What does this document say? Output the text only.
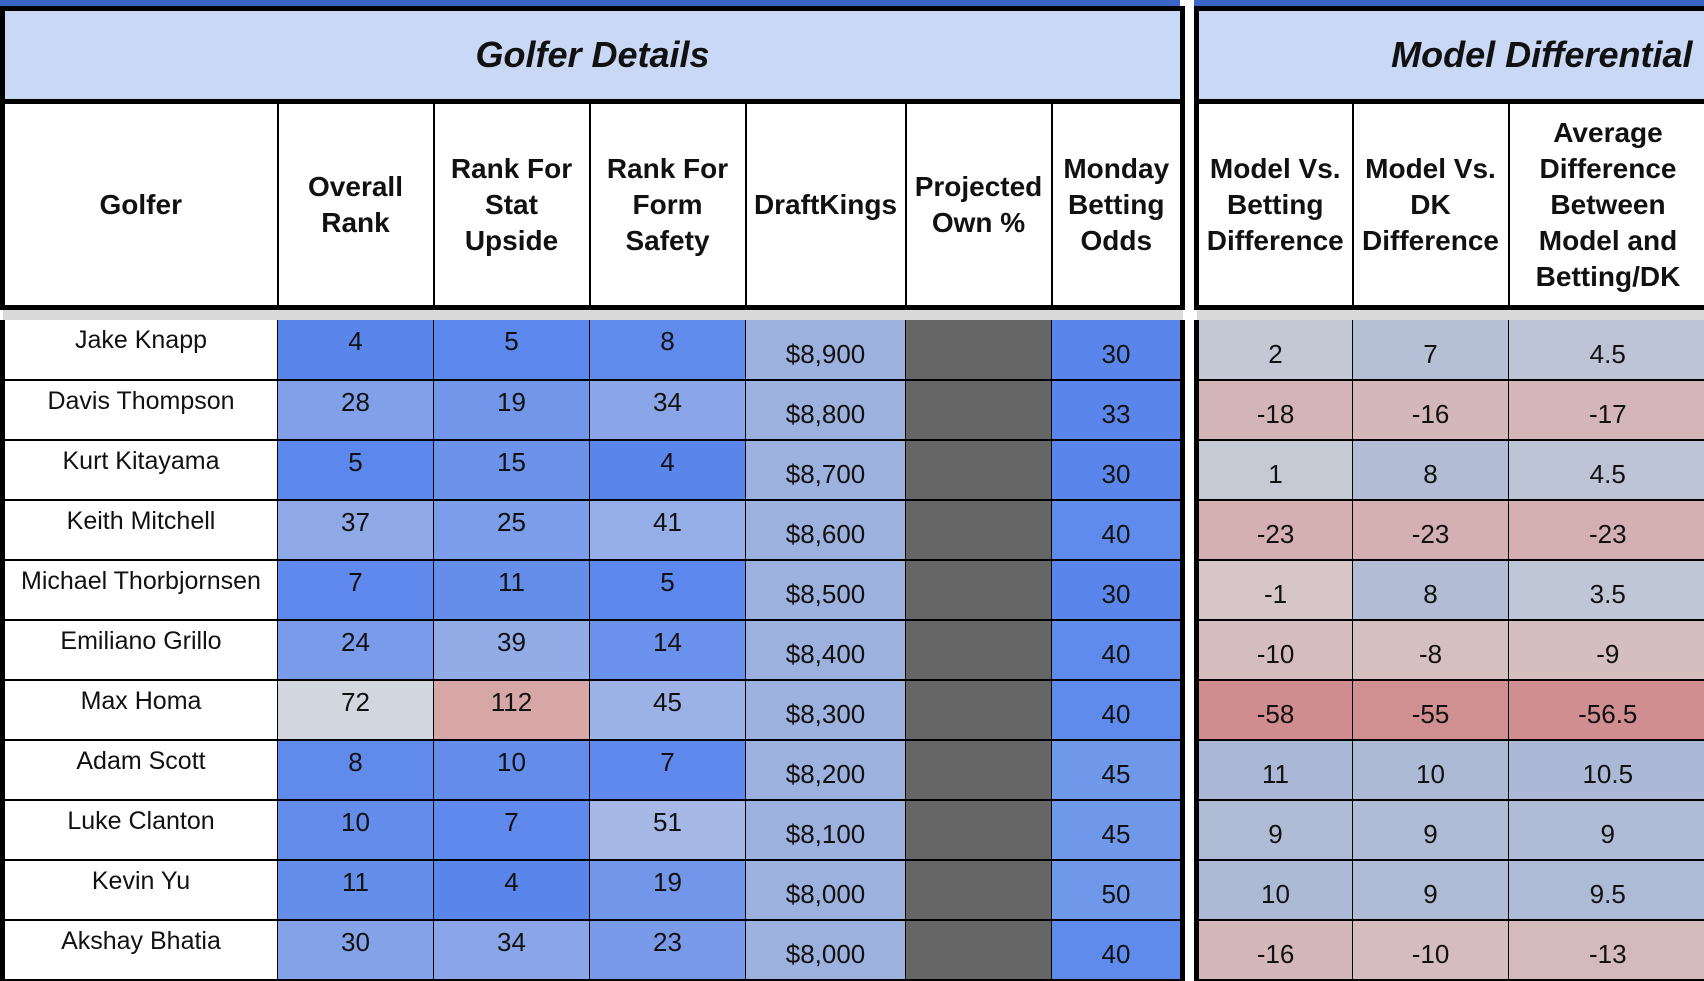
Golfer Details						
Golfer	Overall Rank	Rank For Stat Upside	Rank For Form Safety	DraftKings	Projected Own %	Monday Betting Odds

Jake Knapp	4	5	8	$8,900		30
Davis Thompson	28	19	34	$8,800		33
Kurt Kitayama	5	15	4	$8,700		30
Keith Mitchell	37	25	41	$8,600		40
Michael Thorbjornsen	7	11	5	$8,500		30
Emiliano Grillo	24	39	14	$8,400		40
Max Homa	72	112	45	$8,300		40
Adam Scott	8	10	7	$8,200		45
Luke Clanton	10	7	51	$8,100		45
Kevin Yu	11	4	19	$8,000		50
Akshay Bhatia	30	34	23	$8,000		40
Model Differential		
Model Vs. Betting Difference	Model Vs. DK Difference	Average Difference Between Model and Betting/DK

2	7	4.5
-18	-16	-17
1	8	4.5
-23	-23	-23
-1	8	3.5
-10	-8	-9
-58	-55	-56.5
11	10	10.5
9	9	9
10	9	9.5
-16	-10	-13
